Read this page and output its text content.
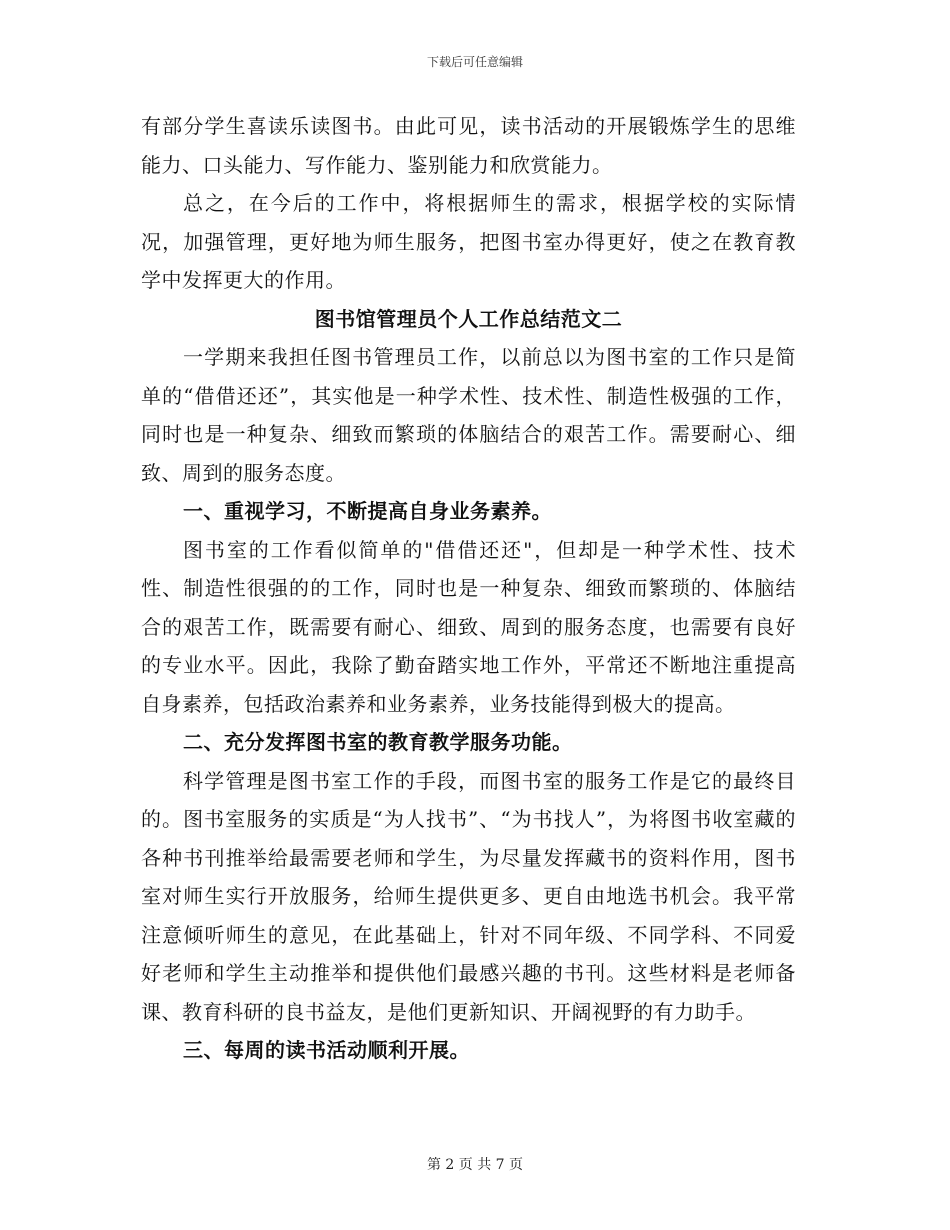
下载后可任意编辑

有部分学生喜读乐读图书。由此可见，读书活动的开展锻炼学生的思维能力、口头能力、写作能力、鉴别能力和欣赏能力。

总之，在今后的工作中，将根据师生的需求，根据学校的实际情况，加强管理，更好地为师生服务，把图书室办得更好，使之在教育教学中发挥更大的作用。

图书馆管理员个人工作总结范文二

一学期来我担任图书管理员工作，以前总以为图书室的工作只是简单的“借借还还”，其实他是一种学术性、技术性、制造性极强的工作，同时也是一种复杂、细致而繁琐的体脑结合的艰苦工作。需要耐心、细致、周到的服务态度。

一、重视学习，不断提高自身业务素养。

图书室的工作看似简单的"借借还还"，但却是一种学术性、技术性、制造性很强的的工作，同时也是一种复杂、细致而繁琐的、体脑结合的艰苦工作，既需要有耐心、细致、周到的服务态度，也需要有良好的专业水平。因此，我除了勤奋踏实地工作外，平常还不断地注重提高自身素养，包括政治素养和业务素养，业务技能得到极大的提高。

二、充分发挥图书室的教育教学服务功能。

科学管理是图书室工作的手段，而图书室的服务工作是它的最终目的。图书室服务的实质是“为人找书”、“为书找人”，为将图书收室藏的各种书刊推举给最需要老师和学生，为尽量发挥藏书的资料作用，图书室对师生实行开放服务，给师生提供更多、更自由地选书机会。我平常注意倾听师生的意见，在此基础上，针对不同年级、不同学科、不同爱好老师和学生主动推举和提供他们最感兴趣的书刊。这些材料是老师备课、教育科研的良书益友，是他们更新知识、开阔视野的有力助手。

三、每周的读书活动顺利开展。

第 2 页 共 7 页
